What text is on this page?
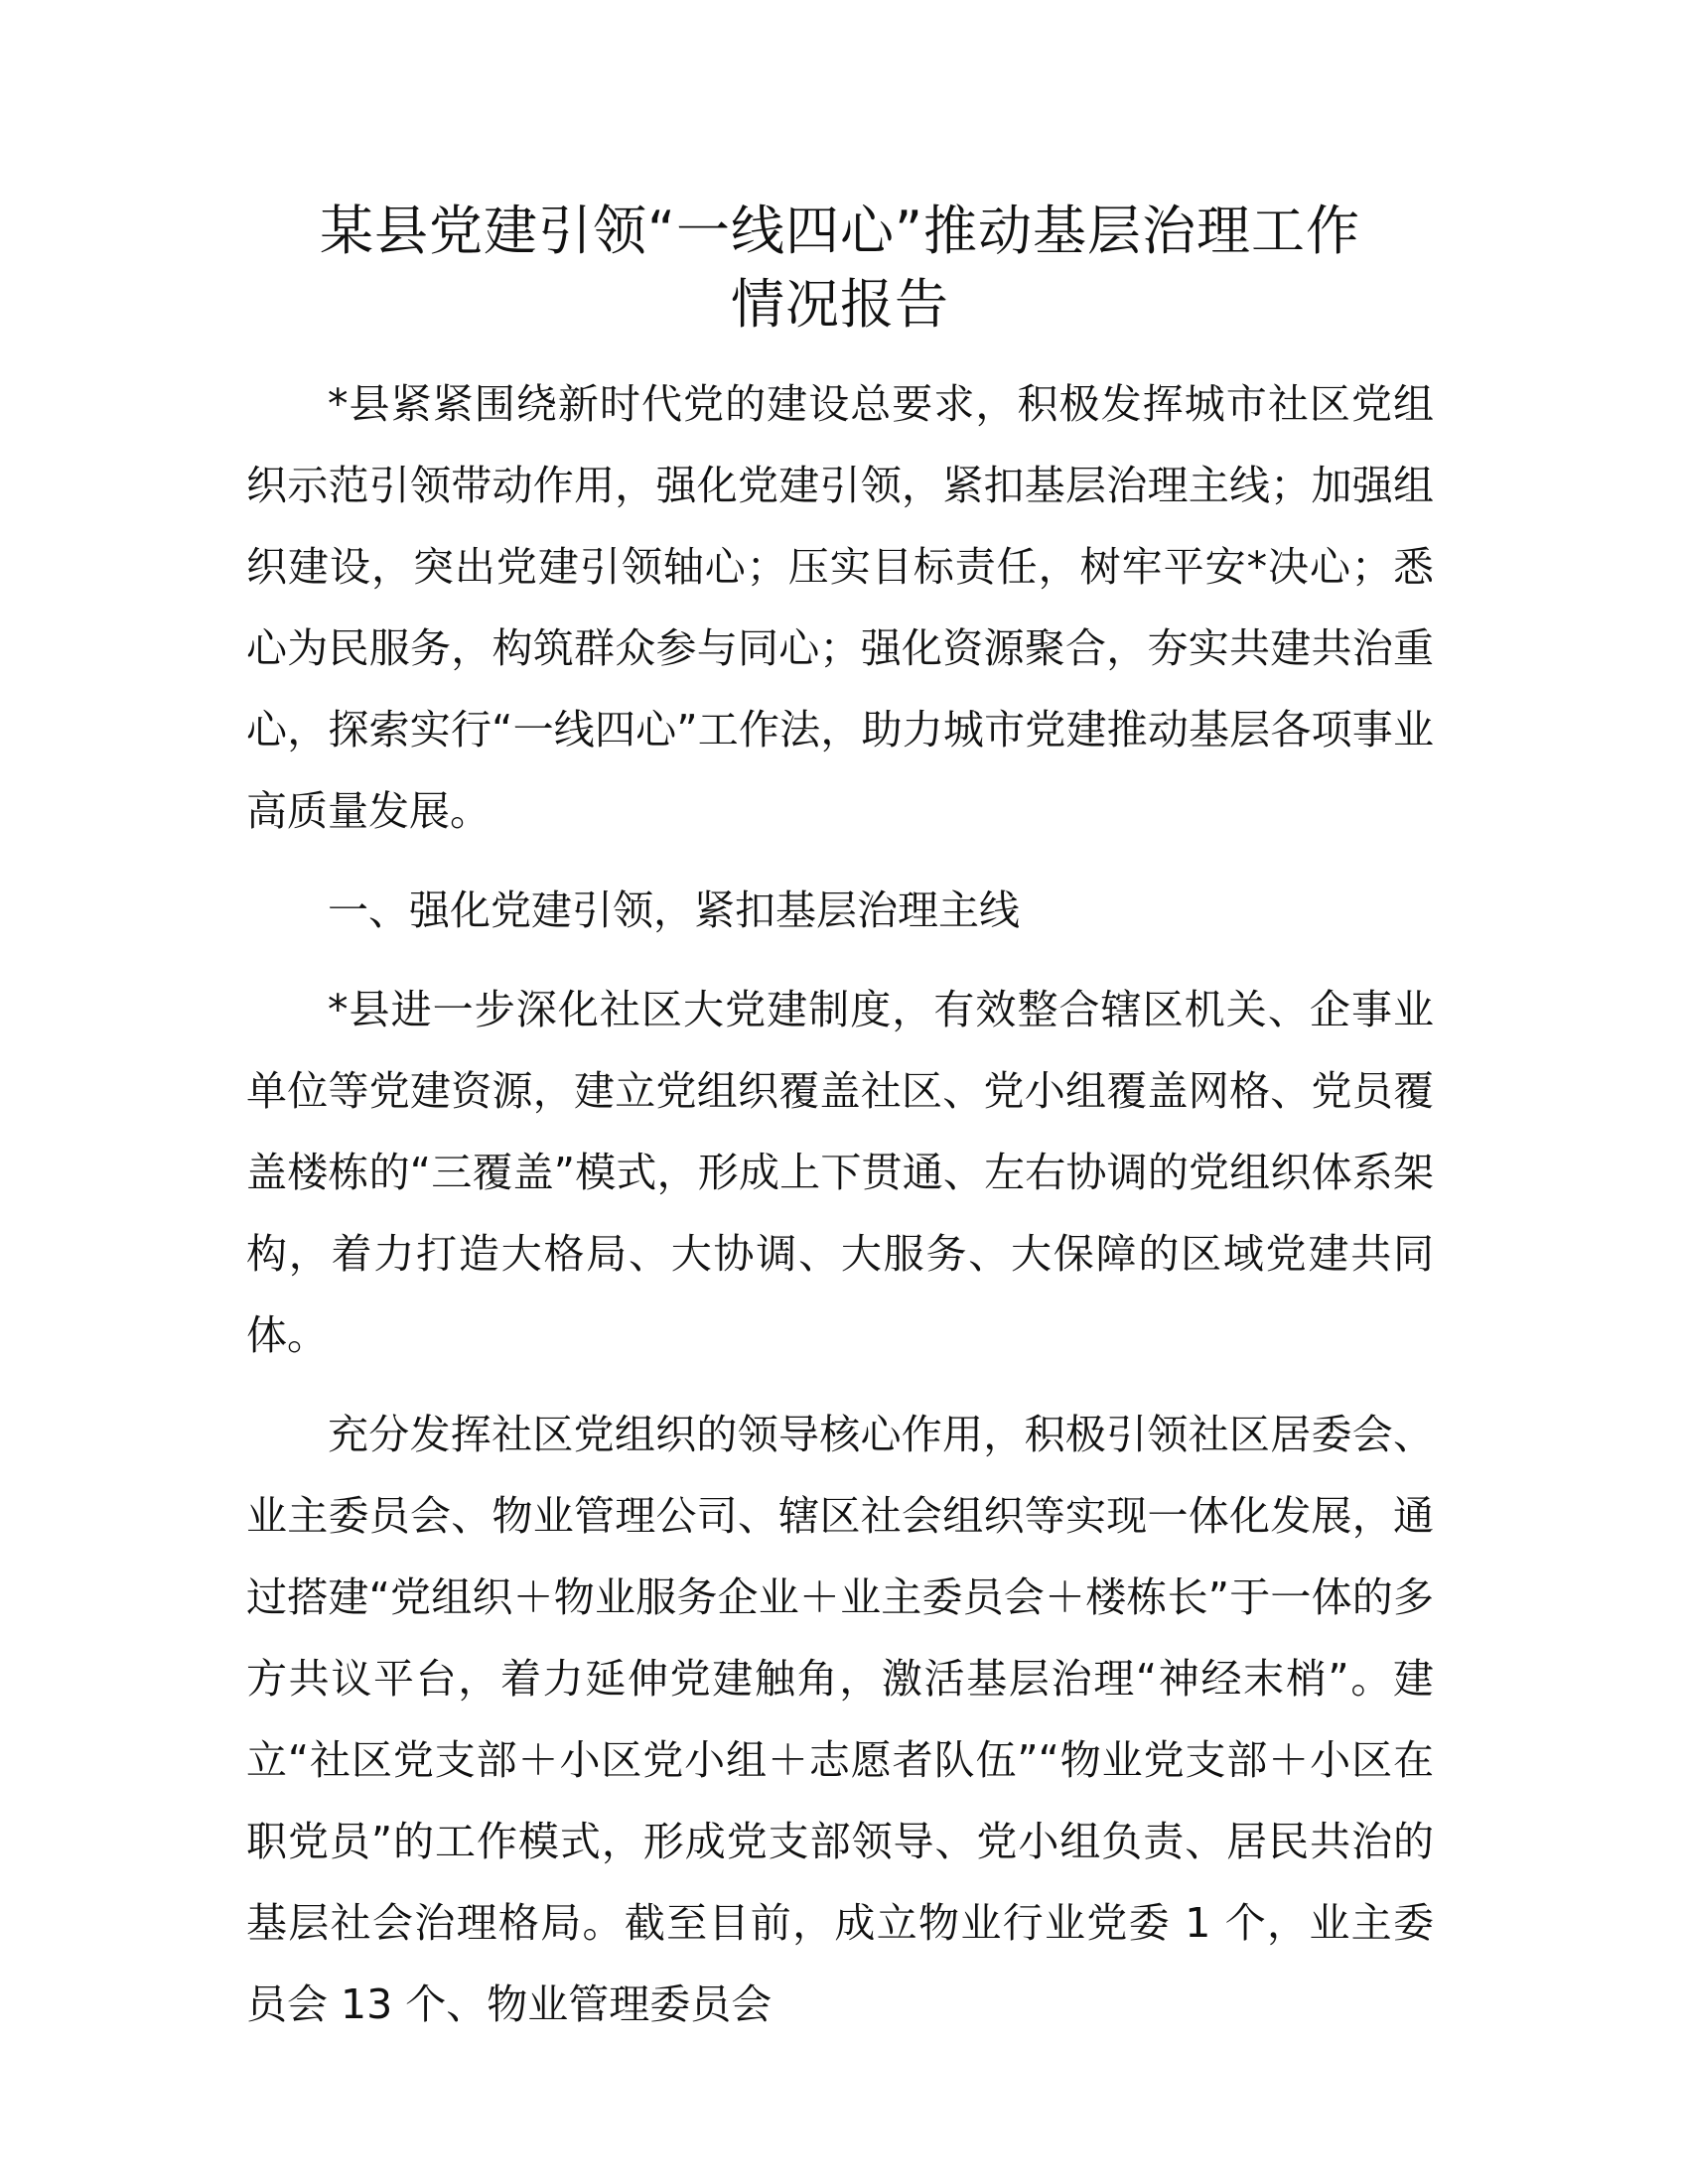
某县党建引领“一线四心”推动基层治理工作
情况报告

*县紧紧围绕新时代党的建设总要求，积极发挥城市社区党组织示范引领带动作用，强化党建引领，紧扣基层治理主线；加强组织建设，突出党建引领轴心；压实目标责任，树牢平安*决心；悉心为民服务，构筑群众参与同心；强化资源聚合，夯实共建共治重心，探索实行“一线四心”工作法，助力城市党建推动基层各项事业高质量发展。

一、强化党建引领，紧扣基层治理主线

*县进一步深化社区大党建制度，有效整合辖区机关、企事业单位等党建资源，建立党组织覆盖社区、党小组覆盖网格、党员覆盖楼栋的“三覆盖”模式，形成上下贯通、左右协调的党组织体系架构，着力打造大格局、大协调、大服务、大保障的区域党建共同体。

充分发挥社区党组织的领导核心作用，积极引领社区居委会、业主委员会、物业管理公司、辖区社会组织等实现一体化发展，通过搭建“党组织＋物业服务企业＋业主委员会＋楼栋长”于一体的多方共议平台，着力延伸党建触角，激活基层治理“神经末梢”。建立“社区党支部＋小区党小组＋志愿者队伍”“物业党支部＋小区在职党员”的工作模式，形成党支部领导、党小组负责、居民共治的基层社会治理格局。截至目前，成立物业行业党委 1 个，业主委员会 13 个、物业管理委员会
